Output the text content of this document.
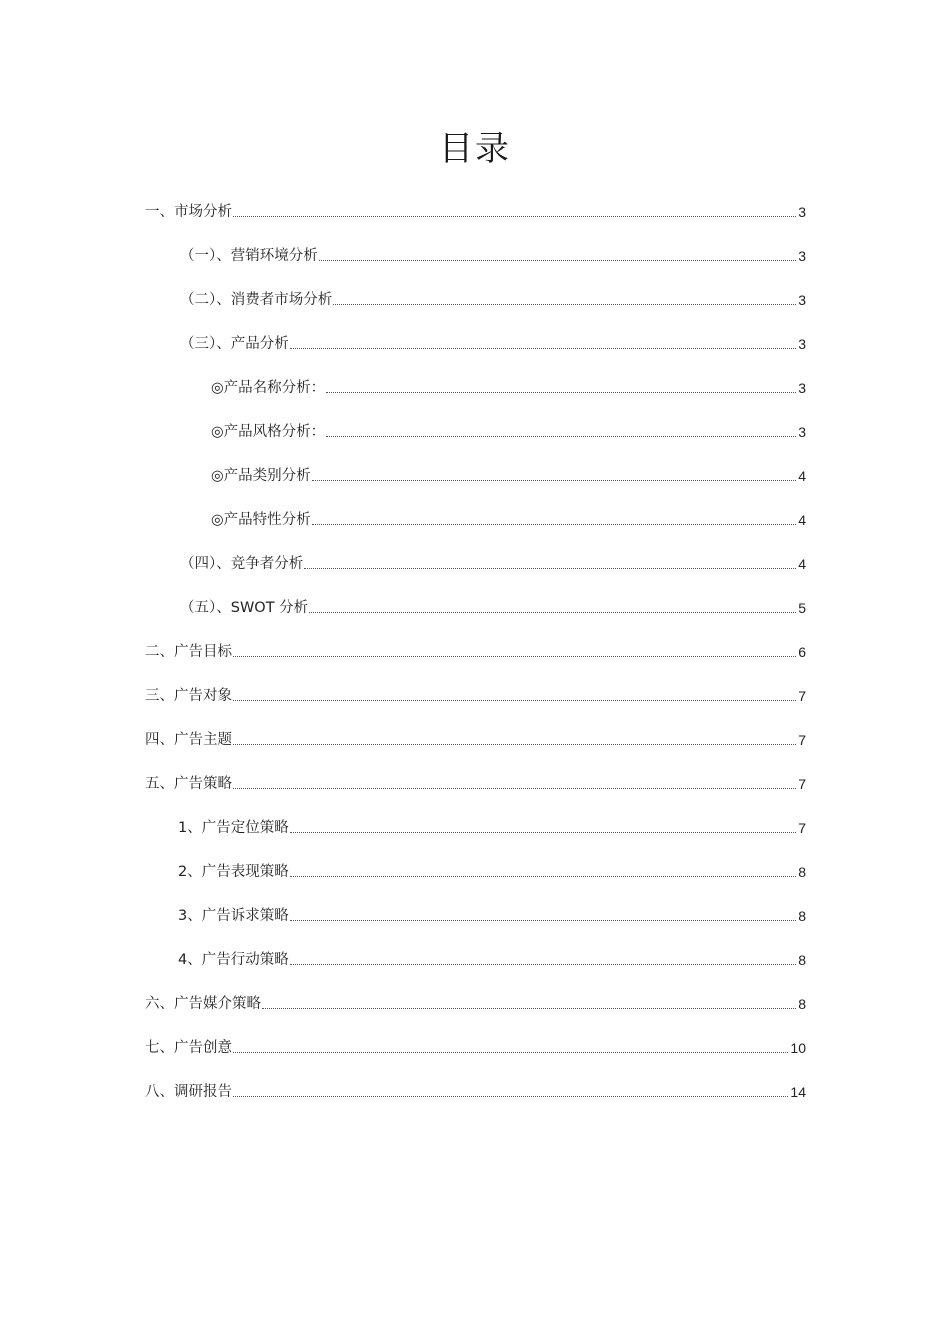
目录
一、市场分析	3
（一）、营销环境分析	3
（二）、消费者市场分析	3
（三）、产品分析	3
◎产品名称分析：	3
◎产品风格分析：	3
◎产品类别分析	4
◎产品特性分析	4
（四）、竞争者分析	4
（五）、SWOT 分析	5
二、广告目标	6
三、广告对象	7
四、广告主题	7
五、广告策略	7
1、广告定位策略	7
2、广告表现策略	8
3、广告诉求策略	8
4、广告行动策略	8
六、广告媒介策略	8
七、广告创意	10
八、调研报告	14
